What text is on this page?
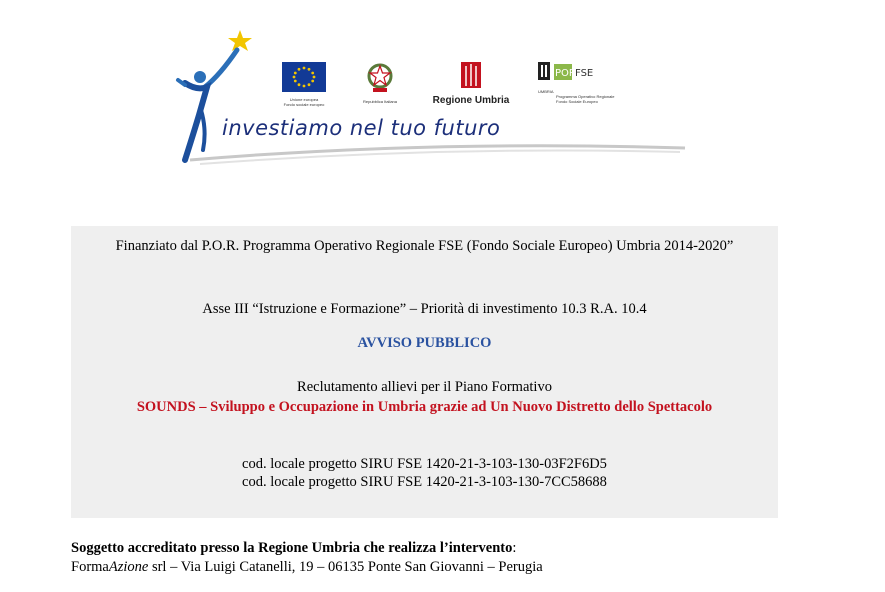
Unione europea
Fondo sociale europeo
Repubblica Italiana	Regione Umbria
POR FSE
UMBRIA
Programma Operativo Regionale
Fondo Sociale Europeo
investiamo nel tuo futuro

Finanziato dal P.O.R. Programma Operativo Regionale FSE (Fondo Sociale Europeo) Umbria 2014-2020”

Asse III “Istruzione e Formazione” – Priorità di investimento 10.3 R.A. 10.4

AVVISO PUBBLICO

Reclutamento allievi per il Piano Formativo

SOUNDS – Sviluppo e Occupazione in Umbria grazie ad Un Nuovo Distretto dello Spettacolo

cod. locale progetto SIRU FSE 1420-21-3-103-130-03F2F6D5

cod. locale progetto SIRU FSE 1420-21-3-103-130-7CC58688

Soggetto accreditato presso la Regione Umbria che realizza l’intervento:
FormaAzione srl – Via Luigi Catanelli, 19 – 06135 Ponte San Giovanni – Perugia
